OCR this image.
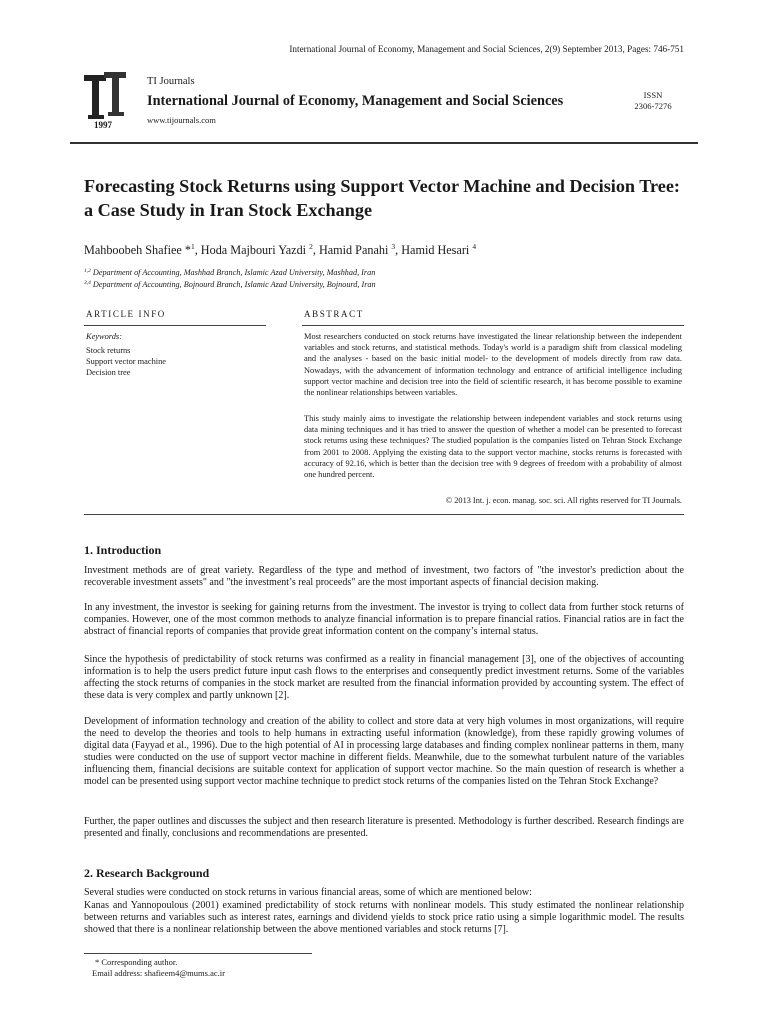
International Journal of Economy, Management and Social Sciences, 2(9) September 2013, Pages: 746-751
1997
TI Journals
International Journal of Economy, Management and Social Sciences
www.tijournals.com
ISSN
2306-7276
Forecasting Stock Returns using Support Vector Machine and Decision Tree: a Case Study in Iran Stock Exchange
Mahboobeh Shafiee *$^1$, Hoda Majbouri Yazdi $^2$, Hamid Panahi $^3$, Hamid Hesari $^4$
$^{1,2}$ Department of Accounting, Mashhad Branch, Islamic Azad University, Mashhad, Iran
$^{3,4}$ Department of Accounting, Bojnourd Branch, Islamic Azad University, Bojnourd, Iran
ARTICLE INFO
Keywords:
Stock returns
Support vector machine
Decision tree
ABSTRACT
Most researchers conducted on stock returns have investigated the linear relationship between the independent variables and stock returns, and statistical methods. Today's world is a paradigm shift from classical modeling and the analyses - based on the basic initial model- to the development of models directly from raw data. Nowadays, with the advancement of information technology and entrance of artificial intelligence including support vector machine and decision tree into the field of scientific research, it has become possible to examine the nonlinear relationships between variables.
This study mainly aims to investigate the relationship between independent variables and stock returns using data mining techniques and it has tried to answer the question of whether a model can be presented to forecast stock returns using these techniques? The studied population is the companies listed on Tehran Stock Exchange from 2001 to 2008. Applying the existing data to the support vector machine, stocks returns is forecasted with accuracy of 92.16, which is better than the decision tree with 9 degrees of freedom with a probability of almost one hundred percent.
© 2013 Int. j. econ. manag. soc. sci. All rights reserved for TI Journals.
1. Introduction
Investment methods are of great variety. Regardless of the type and method of investment, two factors of "the investor's prediction about the recoverable investment assets" and "the investment’s real proceeds" are the most important aspects of financial decision making.
In any investment, the investor is seeking for gaining returns from the investment. The investor is trying to collect data from further stock returns of companies. However, one of the most common methods to analyze financial information is to prepare financial ratios. Financial ratios are in fact the abstract of financial reports of companies that provide great information content on the company’s internal status.
Since the hypothesis of predictability of stock returns was confirmed as a reality in financial management [3], one of the objectives of accounting information is to help the users predict future input cash flows to the enterprises and consequently predict investment returns. Some of the variables affecting the stock returns of companies in the stock market are resulted from the financial information provided by accounting system. The effect of these data is very complex and partly unknown [2].
Development of information technology and creation of the ability to collect and store data at very high volumes in most organizations, will require the need to develop the theories and tools to help humans in extracting useful information (knowledge), from these rapidly growing volumes of digital data (Fayyad et al., 1996). Due to the high potential of AI in processing large databases and finding complex nonlinear patterns in them, many studies were conducted on the use of support vector machine in different fields. Meanwhile, due to the somewhat turbulent nature of the variables influencing them, financial decisions are suitable context for application of support vector machine. So the main question of research is whether a model can be presented using support vector machine technique to predict stock returns of the companies listed on the Tehran Stock Exchange?
Further, the paper outlines and discusses the subject and then research literature is presented. Methodology is further described. Research findings are presented and finally, conclusions and recommendations are presented.
2. Research Background
Several studies were conducted on stock returns in various financial areas, some of which are mentioned below:
Kanas and Yannopoulous (2001) examined predictability of stock returns with nonlinear models. This study estimated the nonlinear relationship between returns and variables such as interest rates, earnings and dividend yields to stock price ratio using a simple logarithmic model. The results showed that there is a nonlinear relationship between the above mentioned variables and stock returns [7].
* Corresponding author.
Email address: shafieem4@mums.ac.ir
